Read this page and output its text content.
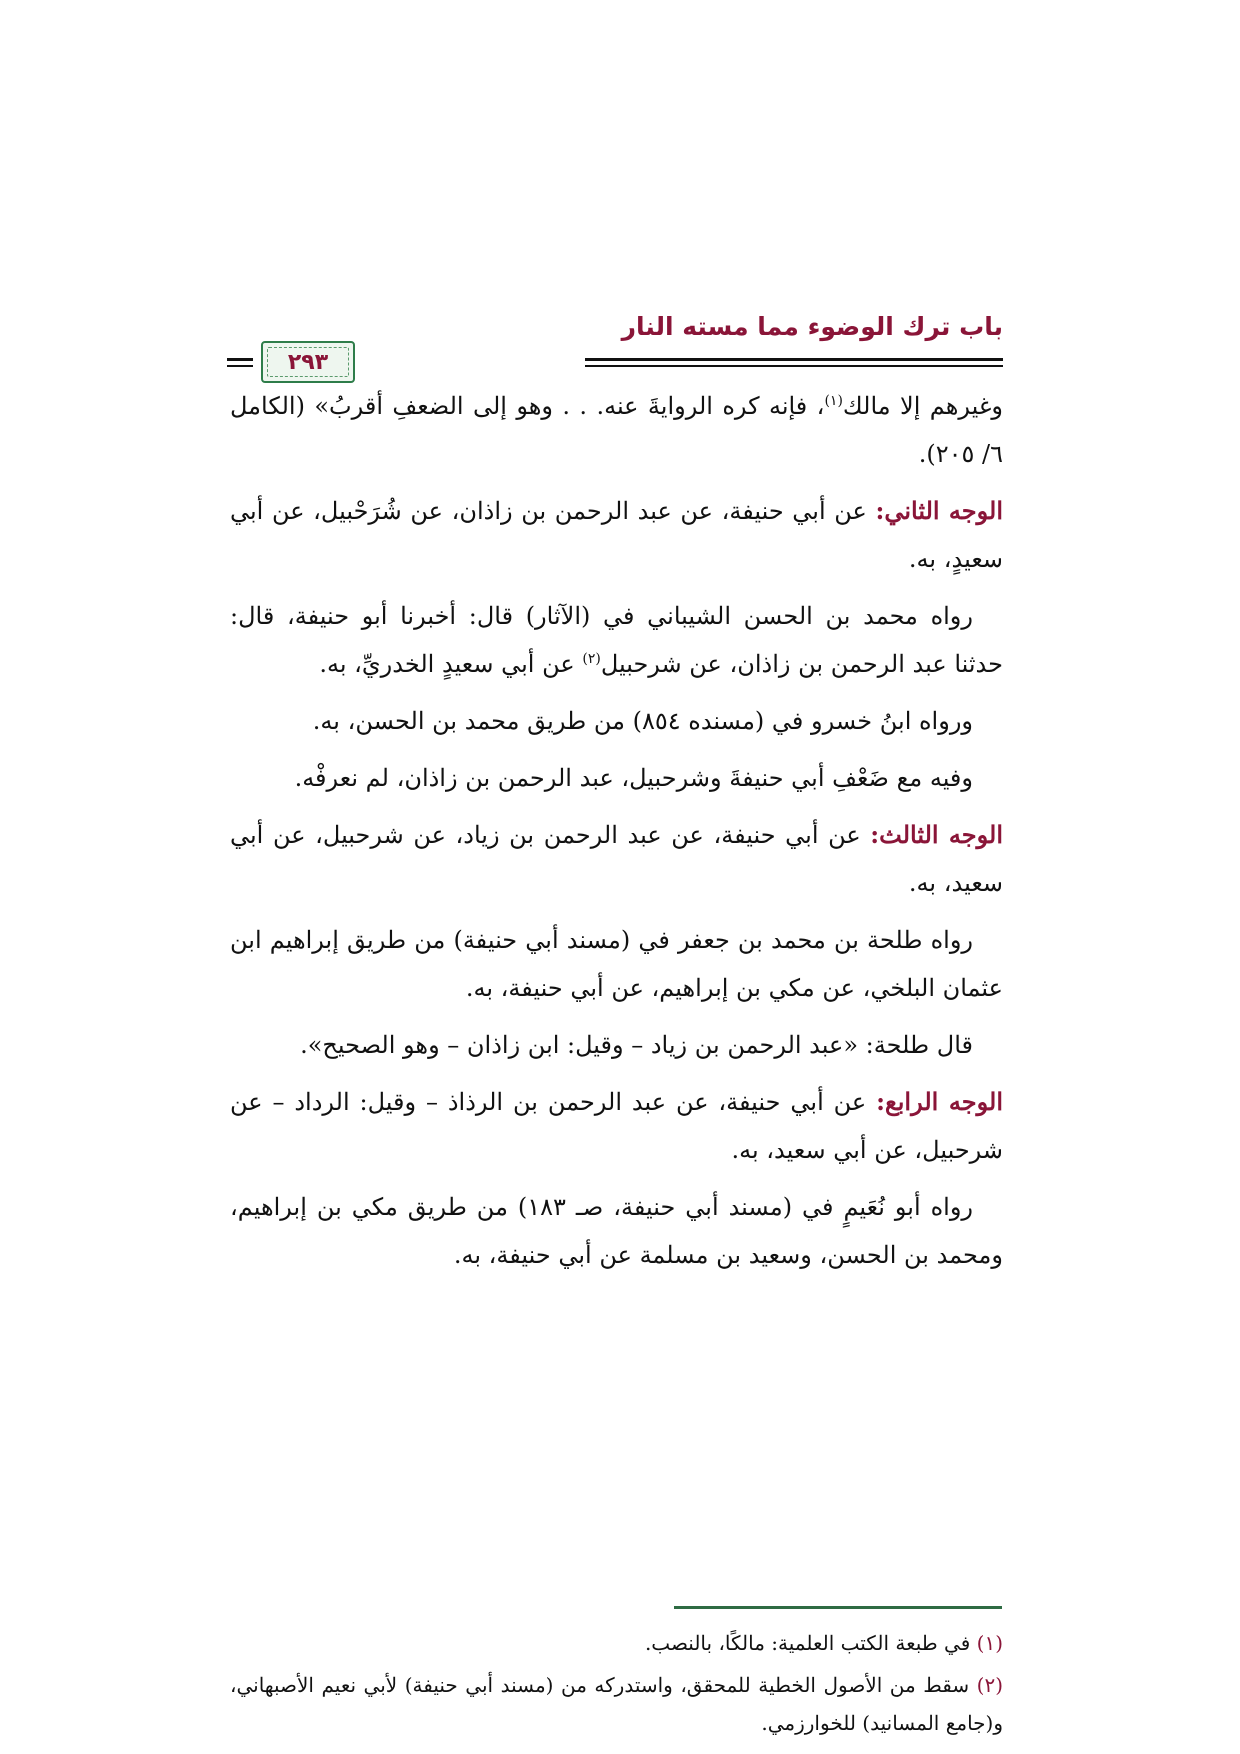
باب ترك الوضوء مما مسته النار
٢٩٣

وغيرهم إلا مالك$^{(١)}$، فإنه كره الروايةَ عنه. . . وهو إلى الضعفِ أقربُ» (الكامل ٦/ ٢٠٥).

الوجه الثاني: عن أبي حنيفة، عن عبد الرحمن بن زاذان، عن شُرَحْبيل، عن أبي سعيدٍ، به.

رواه محمد بن الحسن الشيباني في (الآثار) قال: أخبرنا أبو حنيفة، قال: حدثنا عبد الرحمن بن زاذان، عن شرحبيل$^{(٢)}$ عن أبي سعيدٍ الخدريِّ، به.

ورواه ابنُ خسرو في (مسنده ٨٥٤) من طريق محمد بن الحسن، به.

وفيه مع ضَعْفِ أبي حنيفةَ وشرحبيل، عبد الرحمن بن زاذان، لم نعرفْه.

الوجه الثالث: عن أبي حنيفة، عن عبد الرحمن بن زياد، عن شرحبيل، عن أبي سعيد، به.

رواه طلحة بن محمد بن جعفر في (مسند أبي حنيفة) من طريق إبراهيم ابن عثمان البلخي، عن مكي بن إبراهيم، عن أبي حنيفة، به.

قال طلحة: «عبد الرحمن بن زياد – وقيل: ابن زاذان – وهو الصحيح».

الوجه الرابع: عن أبي حنيفة، عن عبد الرحمن بن الرذاذ – وقيل: الرداد – عن شرحبيل، عن أبي سعيد، به.

رواه أبو نُعَيمٍ في (مسند أبي حنيفة، صـ ١٨٣) من طريق مكي بن إبراهيم، ومحمد بن الحسن، وسعيد بن مسلمة عن أبي حنيفة، به.

(١) في طبعة الكتب العلمية: مالكًا، بالنصب.

(٢) سقط من الأصول الخطية للمحقق، واستدركه من (مسند أبي حنيفة) لأبي نعيم الأصبهاني، و(جامع المسانيد) للخوارزمي.
